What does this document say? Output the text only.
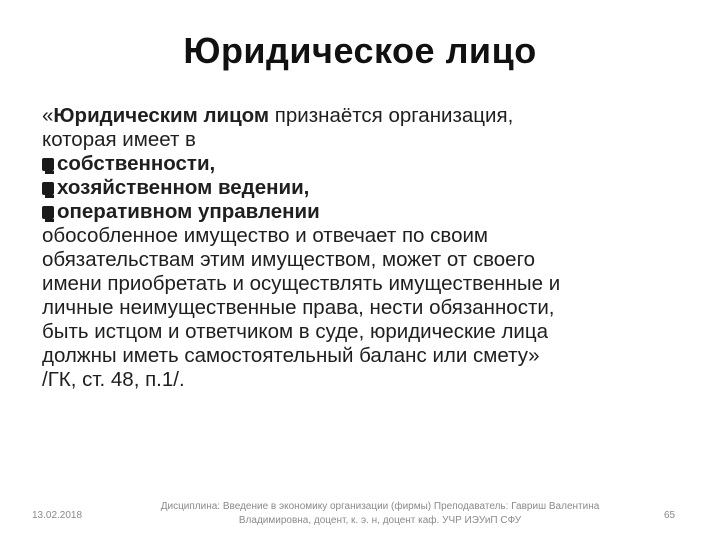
Юридическое лицо
«Юридическим лицом признаётся организация,
которая имеет в
собственности,
хозяйственном ведении,
оперативном управлении
обособленное имущество и отвечает по своим
обязательствам этим имуществом, может от своего
имени приобретать и осуществлять имущественные и
личные неимущественные права, нести обязанности,
быть истцом и ответчиком в суде, юридические лица
должны иметь самостоятельный баланс или смету»
/ГК, ст. 48, п.1/.
13.02.2018
Дисциплина: Введение в экономику организации (фирмы) Преподаватель: Гавриш Валентина
Владимировна, доцент, к. э. н, доцент каф. УЧР ИЭУиП СФУ	65
